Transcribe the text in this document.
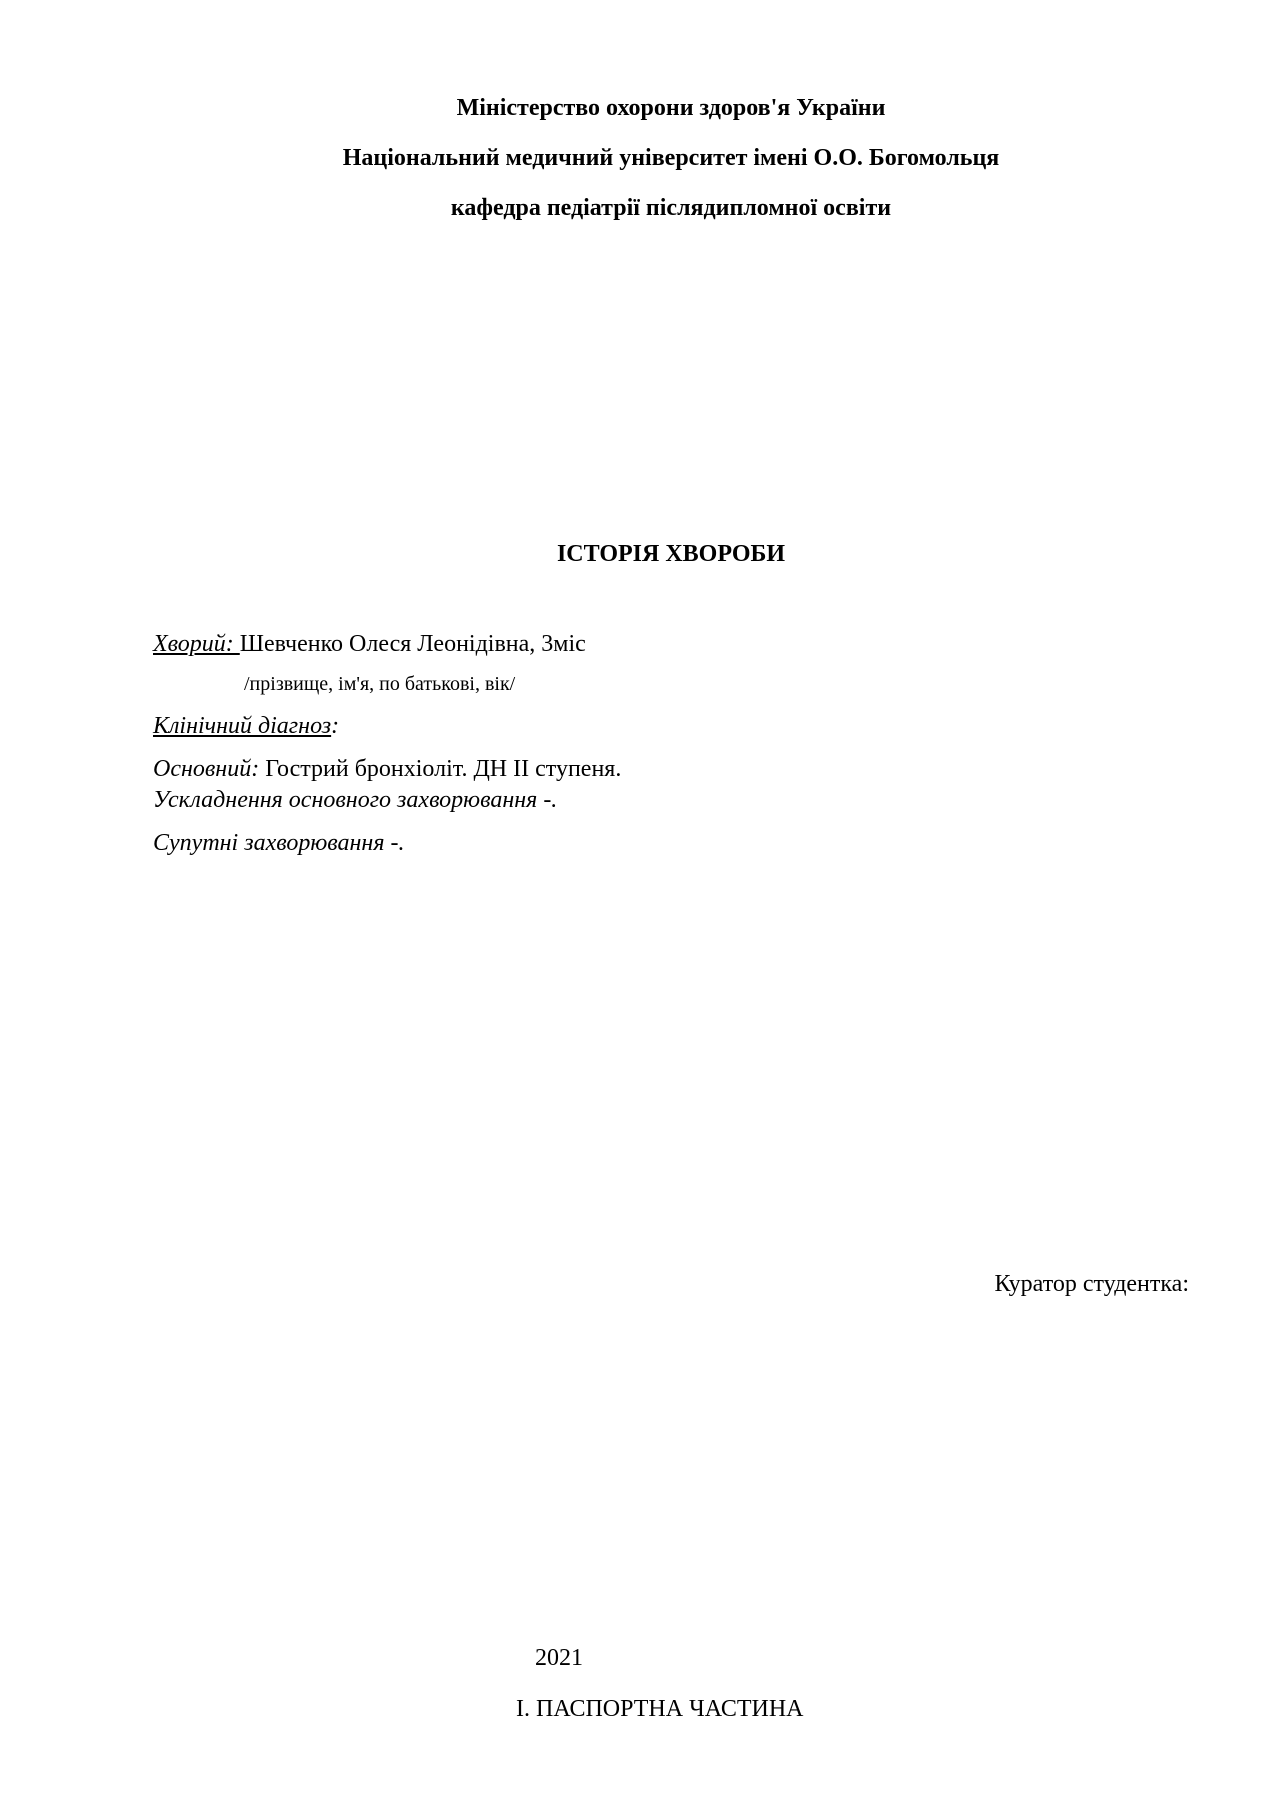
Міністерство охорони здоров'я України
Національний медичний університет імені О.О. Богомольця
кафедра педіатрії післядипломної освіти
ІСТОРІЯ ХВОРОБИ
Хворий: Шевченко Олеся Леонідівна, 3міс
/прізвище, ім'я, по батькові, вік/
Клінічний діагноз:
Основний: Гострий бронхіоліт. ДН ІІ ступеня.
Ускладнення основного захворювання -.
Супутні захворювання -.
Куратор студентка:
2021
І. ПАСПОРТНА ЧАСТИНА
